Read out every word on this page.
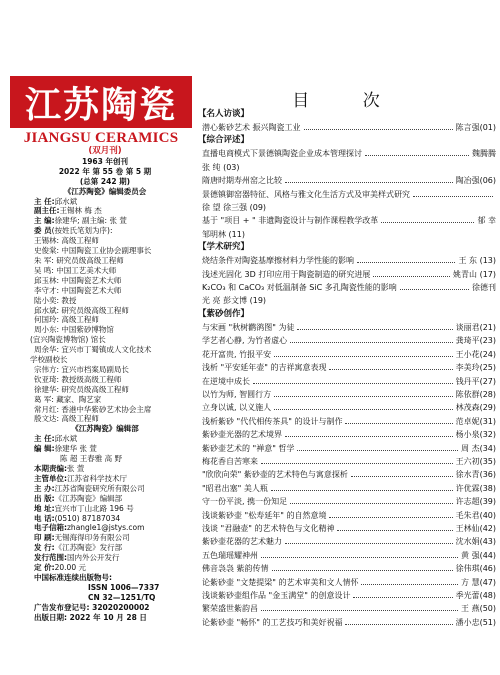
江苏陶瓷
JIANGSU CERAMICS
(双月刊)
1963 年创刊
2022 年 第 55 卷 第 5 期
(总第 242 期)
《江苏陶瓷》编辑委员会
主 任: 邱水斌
副主任: 王锡林 梅 杰
主 编: 徐建华; 副主编: 张 萱
委 员 (按姓氏笔划为序):
王锡林: 高级工程师
史俊棠: 中国陶瓷工业协会副理事长
朱 军: 研究员级高级工程师
吴 鸣: 中国工艺美术大师
邱玉林: 中国陶瓷艺术大师
李守才: 中国陶瓷艺术大师
陆小奕: 教授
邱水斌: 研究员级高级工程师
何国玲: 高级工程师
周小东: 中国紫砂博物馆
(宜兴陶瓷博物馆) 馆长
周余华: 宜兴市丁蜀镇成人文化技术
学校副校长
宗伟方: 宜兴市档案局副局长
钦亚琦: 教授级高级工程师
徐建华: 研究员级高级工程师
葛 军: 藏家、陶艺家
常月红: 香港中华紫砂艺术协会主席
殷文达: 高级工程师
《江苏陶瓷》编辑部
主 任: 邱水斌
编 辑: 徐建华 张 萱
陈 超 王春雅 高 野
本期责编: 张 萱
主管单位: 江苏省科学技术厅
主 办: 江苏省陶瓷研究所有限公司
出 版: 《江苏陶瓷》编辑部
地 址: 宜兴市丁山北路 196 号
电 话: (0510) 87187034
电子信箱: zhangle1@jstys.com
印 刷: 无锡海得印务有限公司
发 行: 《江苏陶瓷》发行部
发行范围: 国内外公开发行
定 价: 20.00 元
中国标准连续出版物号:
ISSN 1006—7337
CN 32—1251/TQ
广告发布登记号: 32020200002
出版日期: 2022 年 10 月 28 日
目 次
【名人访谈】
潜心紫砂艺术 振兴陶瓷工业	陈言强(01)
【综合评述】
直播电商模式下景德镇陶瓷企业成本管理探讨	魏腾腾
张 纯 (03)
隋唐时期寿州窑之比较	陶冶强(06)
景德镇御窑器特征、风格与雅文化生活方式及审美样式研究
徐 望 徐三强 (09)
基于 "项目 + " 非遗陶瓷设计与制作课程教学改革	郁 幸
邹明林 (11)
【学术研究】
烧结条件对陶瓷基摩擦材料力学性能的影响	王 东 (13)
浅述光固化 3D 打印应用于陶瓷制造的研究进展	姚青山 (17)
K₂CO₃ 和 CaCO₃ 对低温制备 SiC 多孔陶瓷性能的影响	徐德刊
光 亮 彭文博 (19)
【紫砂创作】
与宋画 "秋树鹳鹆图" 为徒	谈丽君(21)
学艺者心静, 为竹者虚心	龚琦平(23)
花开富贵, 竹报平安	王小花(24)
浅析 "平安延年壶" 的吉祥寓意表现	李美玲(25)
在逆境中成长	钱丹平(27)
以竹为师, 智圆行方	陈依群(28)
立身以诚, 以义施人	林茂森(29)
浅析紫砂 "代代相传茶具" 的设计与制作	范卓妮(31)
紫砂壶光器的艺术境界	杨小泉(32)
紫砂壶艺术的 "禅意" 哲学	周 杰(34)
梅花香自苦寒来	王六初(35)
"欣欣向荣" 紫砂壶的艺术特色与寓意探析	徐水青(36)
"昭君出塞" 美人瓶	许优霖(38)
守一份平淡, 携一份知足	许志超(39)
浅谈紫砂壶 "松寿延年" 的自然意境	毛朱君(40)
浅谈 "君融壶" 的艺术特色与文化精神	王林仙(42)
紫砂壶花器的艺术魅力	沈水娟(43)
五色瑞瑶耀神州	黄 强(44)
佛音袅袅 紫韵传情	徐伟琪(46)
论紫砂壶 "文楚提梁" 的艺术审美和文人情怀	方 慧(47)
浅谈紫砂壶组作品 "金玉满堂" 的创意设计	季光蕾(48)
繁荣盛世紫韵昌	王 燕(50)
论紫砂壶 "畅怀" 的工艺技巧和美好祝福	潘小忠(51)
